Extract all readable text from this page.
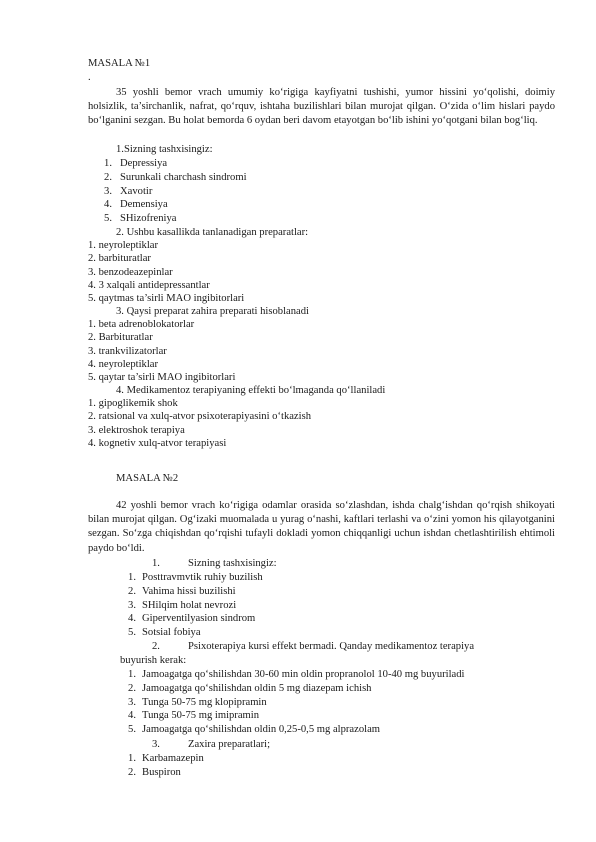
MASALA №1
.
35 yoshli bemor vrach umumiy ko‘rigiga kayfiyatni tushishi, yumor hissini yo‘qolishi, doimiy holsizlik, ta’sirchanlik, nafrat, qo‘rquv, ishtaha buzilishlari bilan murojat qilgan. O‘zida o‘lim hislari paydo bo‘lganini sezgan. Bu holat bemorda 6 oydan beri davom etayotgan bo‘lib ishini yo‘qotgani bilan bog‘liq.
1.Sizning tashxisingiz:
1. Depressiya
2. Surunkali charchash sindromi
3. Xavotir
4. Demensiya
5. SHizofreniya
2. Ushbu kasallikda tanlanadigan preparatlar:
1. neyroleptiklar
2. barbituratlar
3. benzodeazepinlar
4. 3 xalqali antidepressantlar
5. qaytmas ta’sirli MAO ingibitorlari
3. Qaysi preparat zahira preparati hisoblanadi
1. beta adrenoblokatorlar
2. Barbituratlar
3. trankvilizatorlar
4. neyroleptiklar
5. qaytar ta’sirli MAO ingibitorlari
4. Medikamentoz terapiyaning effekti bo‘lmaganda qo‘llaniladi
1. gipoglikemik shok
2. ratsional va xulq-atvor psixoterapiyasini o‘tkazish
3. elektroshok terapiya
4. kognetiv xulq-atvor terapiyasi
MASALA №2
42 yoshli bemor vrach ko‘rigiga odamlar orasida so‘zlashdan, ishda chalg‘ishdan qo‘rqish shikoyati bilan murojat qilgan. Og‘izaki muomalada u yurag o‘nashi, kaftlari terlashi va o‘zini yomon his qilayotganini sezgan. So‘zga chiqishdan qo‘rqishi tufayli dokladi yomon chiqqanligi uchun ishdan chetlashtirilish ehtimoli paydo bo‘ldi.
1.	Sizning tashxisingiz:
1. Posttravmvtik ruhiy buzilish
2. Vahima hissi buzilishi
3. SHilqim holat nevrozi
4. Giperventilyasion sindrom
5. Sotsial fobiya
2.	Psixoterapiya kursi effekt bermadi. Qanday medikamentoz terapiya
buyurish kerak:
1. Jamoagatga qo‘shilishdan 30-60 min oldin propranolol 10-40 mg buyuriladi
2. Jamoagatga qo‘shilishdan oldin 5 mg diazepam ichish
3. Tunga 50-75 mg klopipramin
4. Tunga 50-75 mg imipramin
5. Jamoagatga qo‘shilishdan oldin 0,25-0,5 mg alprazolam
3.	Zaxira preparatlari;
1. Karbamazepin
2. Buspiron
